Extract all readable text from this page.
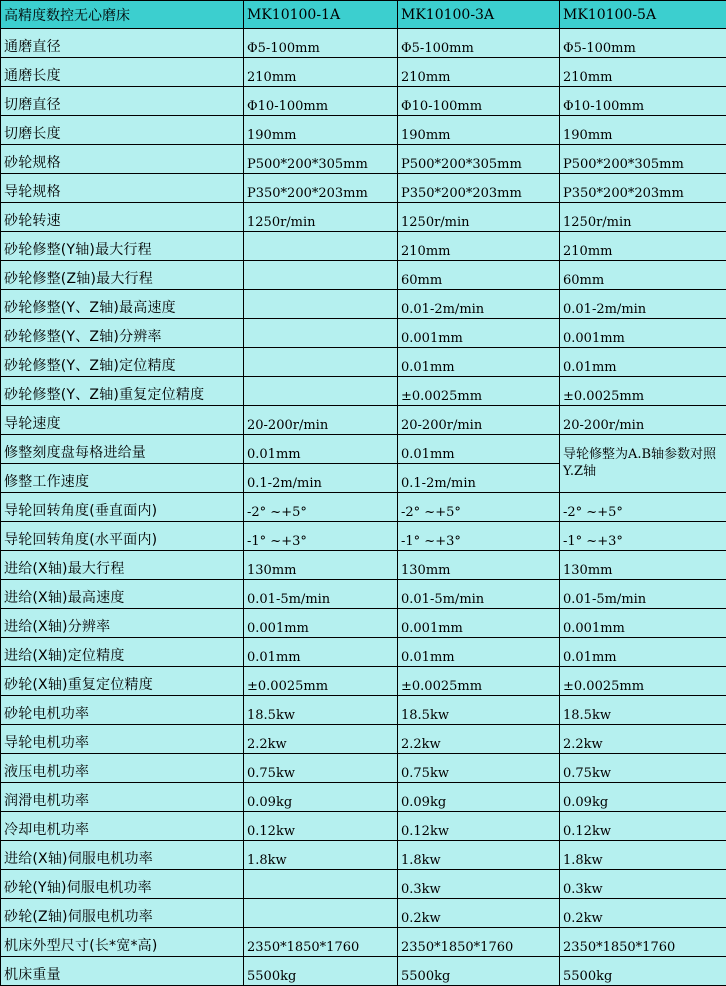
高精度数控无心磨床	MK10100-1A	MK10100-3A	MK10100-5A
通磨直径	Φ5-100mm	Φ5-100mm	Φ5-100mm
通磨长度	210mm	210mm	210mm
切磨直径	Φ10-100mm	Φ10-100mm	Φ10-100mm
切磨长度	190mm	190mm	190mm
砂轮规格	P500*200*305mm	P500*200*305mm	P500*200*305mm
导轮规格	P350*200*203mm	P350*200*203mm	P350*200*203mm
砂轮转速	1250r/min	1250r/min	1250r/min
砂轮修整(Y轴)最大行程		210mm	210mm
砂轮修整(Z轴)最大行程		60mm	60mm
砂轮修整(Y、Z轴)最高速度		0.01-2m/min	0.01-2m/min
砂轮修整(Y、Z轴)分辨率		0.001mm	0.001mm
砂轮修整(Y、Z轴)定位精度		0.01mm	0.01mm
砂轮修整(Y、Z轴)重复定位精度		±0.0025mm	±0.0025mm
导轮速度	20-200r/min	20-200r/min	20-200r/min
修整刻度盘每格进给量	0.01mm	0.01mm	导轮修整为A.B轴参数对照Y.Z轴
修整工作速度	0.1-2m/min	0.1-2m/min	
导轮回转角度(垂直面内)	-2° ~+5°	-2° ~+5°	-2° ~+5°
导轮回转角度(水平面内)	-1° ~+3°	-1° ~+3°	-1° ~+3°
进给(X轴)最大行程	130mm	130mm	130mm
进给(X轴)最高速度	0.01-5m/min	0.01-5m/min	0.01-5m/min
进给(X轴)分辨率	0.001mm	0.001mm	0.001mm
进给(X轴)定位精度	0.01mm	0.01mm	0.01mm
砂轮(X轴)重复定位精度	±0.0025mm	±0.0025mm	±0.0025mm
砂轮电机功率	18.5kw	18.5kw	18.5kw
导轮电机功率	2.2kw	2.2kw	2.2kw
液压电机功率	0.75kw	0.75kw	0.75kw
润滑电机功率	0.09kg	0.09kg	0.09kg
冷却电机功率	0.12kw	0.12kw	0.12kw
进给(X轴)伺服电机功率	1.8kw	1.8kw	1.8kw
砂轮(Y轴)伺服电机功率		0.3kw	0.3kw
砂轮(Z轴)伺服电机功率		0.2kw	0.2kw
机床外型尺寸(长*宽*高)	2350*1850*1760	2350*1850*1760	2350*1850*1760
机床重量	5500kg	5500kg	5500kg
